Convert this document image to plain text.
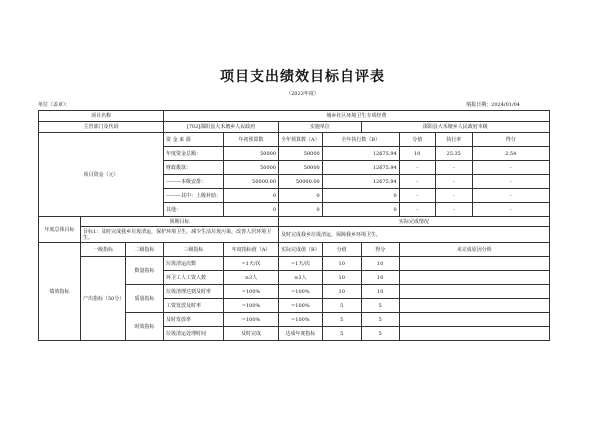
项目支出绩效目标自评表
（2023年度）
单位（盖章）：	填报日期：2024/01/04
项目名称			城乡社区环境卫生专项经费							
主管部门及代码			[702]邵阳县大禾塘乡人民政府		实施单位		邵阳县大禾塘乡人民政府本级			
项目资金（元）			资 金 来 源	年初预算数	全年预算数（A）	全年执行数（B）		分值	执行率	得分
			年度资金总额：	50000	50000	12675.94		10	25.35	2.54
			财政拨款：	50000	50000	12675.94		-	-	-
			———本级安排：	50000.00	50000.00	12675.94		-	-	-
			———其中：上级补助：	0	0	0		-	-	-
			其他：	0	0	0		-	-	-
年度总体目标	预期目标				实际完成情况					
	目标1：及时完成我乡垃圾清运，保护环境卫生，减少生活垃圾污染，改善人居环境卫生。				及时完成我乡垃圾清运，保障我乡环境卫生。					
绩效指标	一级指标	二级指标	三级指标	年度指标值（A）	实际完成值（B）	分值	得分	未完成原因分析		
	产出指标（50分）	数量指标	垃圾清运次数	=1天/次	=1天/次	10	10			
			环卫工人工资人数	≥3人	≥3人	10	10			
		质量指标	垃圾清理达到及时率	=100%	=100%	10	10			
			工资发放及时率	=100%	=100%	5	5			
		时效指标	及时发放率	=100%	=100%	5	5			
			垃圾清运处理时间	及时完成	达成年度指标	5	5			
